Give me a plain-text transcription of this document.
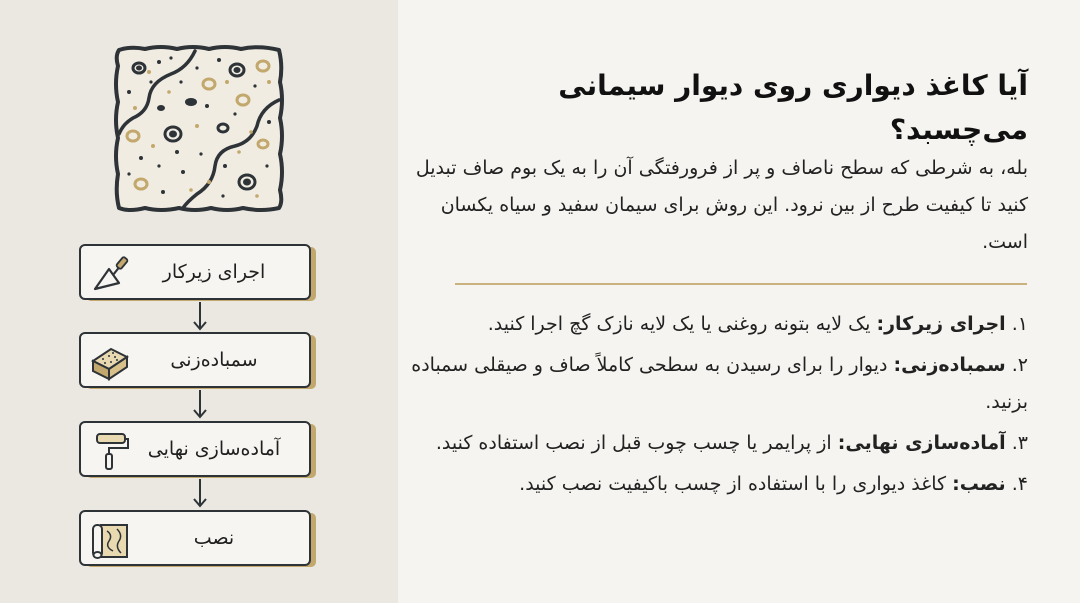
اجرای زیرکار
سمباده‌زنی
آماده‌سازی نهایی
نصب
آیا کاغذ دیواری روی دیوار سیمانی می‌چسبد؟
بله، به شرطی که سطح ناصاف و پر از فرورفتگی آن را به یک بوم صاف تبدیل کنید تا کیفیت طرح از بین نرود. این روش برای سیمان سفید و سیاه یکسان است.
۱. اجرای زیرکار: یک لایه بتونه روغنی یا یک لایه نازک گچ اجرا کنید.
۲. سمباده‌زنی: دیوار را برای رسیدن به سطحی کاملاً صاف و صیقلی سمباده بزنید.
۳. آماده‌سازی نهایی: از پرایمر یا چسب چوب قبل از نصب استفاده کنید.
۴. نصب: کاغذ دیواری را با استفاده از چسب باکیفیت نصب کنید.
